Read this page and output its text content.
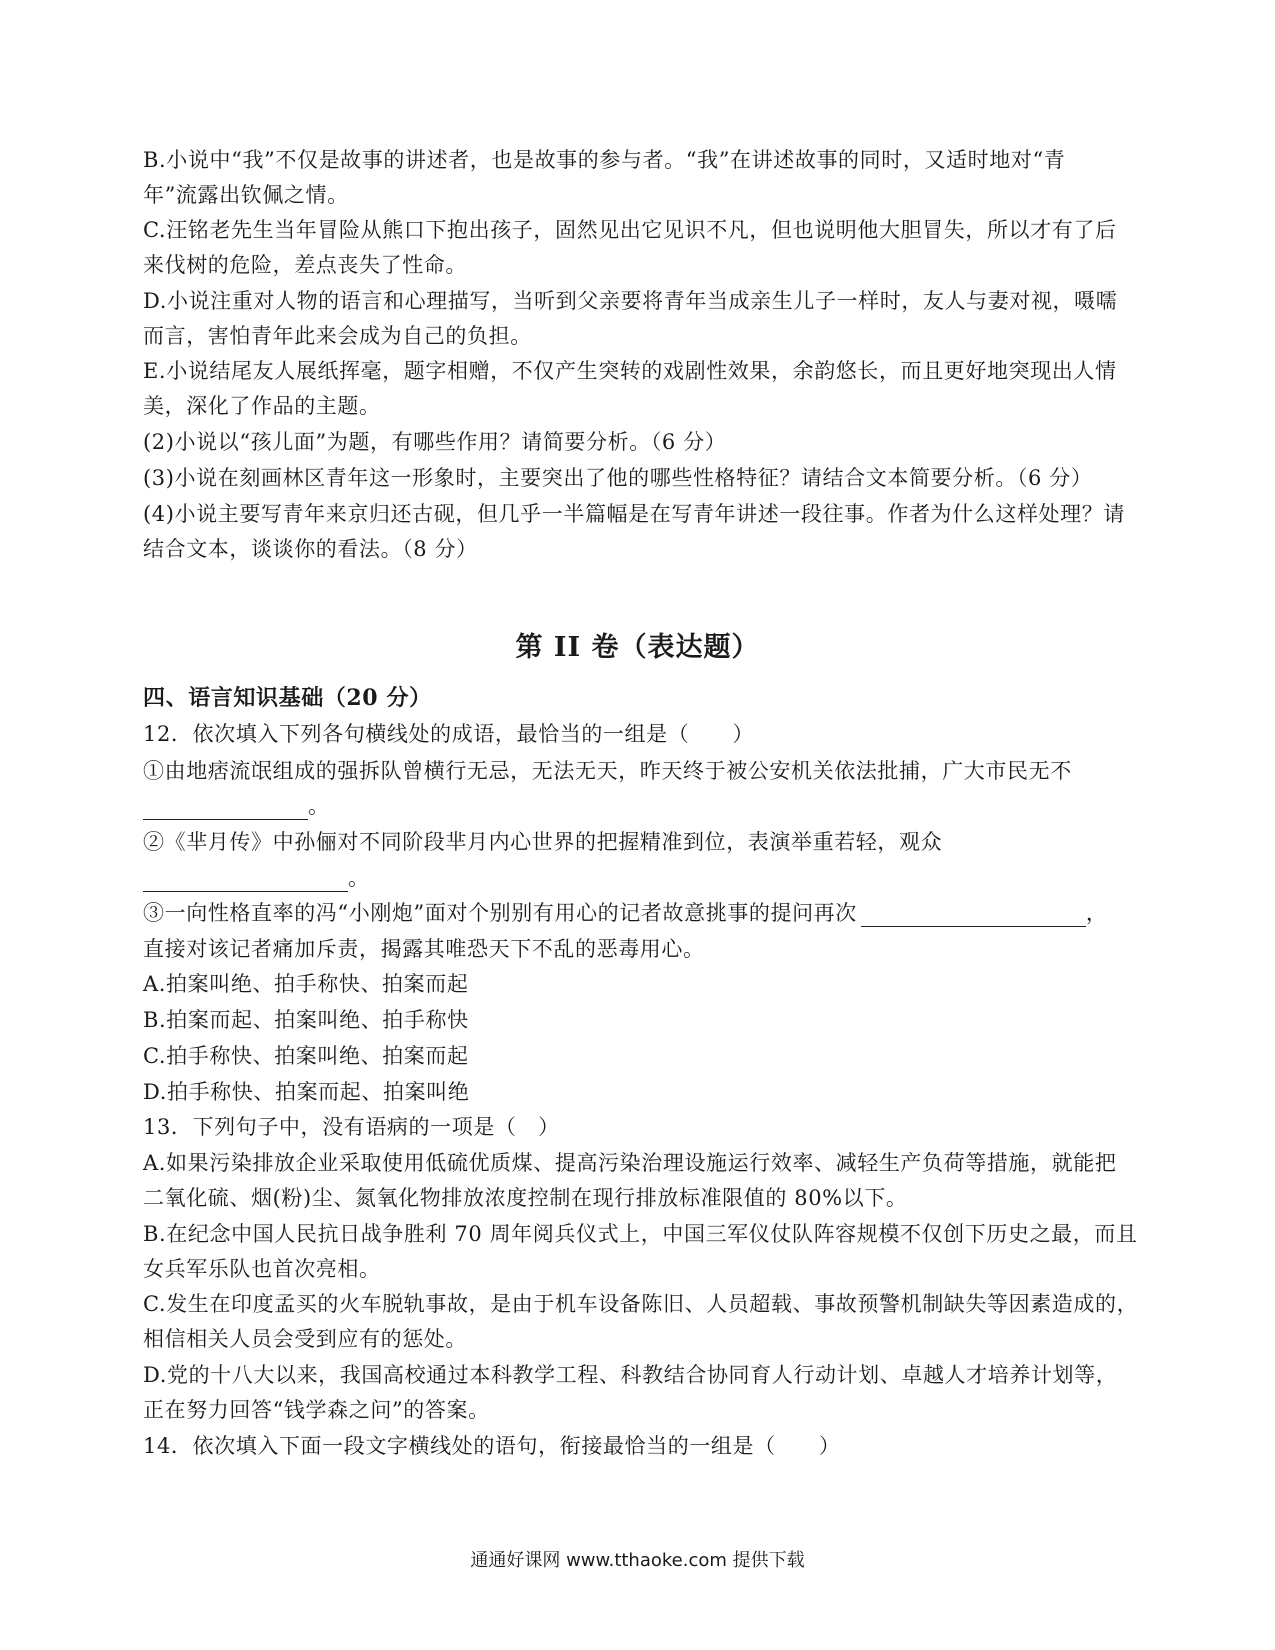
B.小说中“我”不仅是故事的讲述者，也是故事的参与者。“我”在讲述故事的同时，又适时地对“青
年”流露出钦佩之情。
C.汪铭老先生当年冒险从熊口下抱出孩子，固然见出它见识不凡，但也说明他大胆冒失，所以才有了后
来伐树的危险，差点丧失了性命。
D.小说注重对人物的语言和心理描写，当听到父亲要将青年当成亲生儿子一样时，友人与妻对视，嗫嚅
而言，害怕青年此来会成为自己的负担。
E.小说结尾友人展纸挥毫，题字相赠，不仅产生突转的戏剧性效果，余韵悠长，而且更好地突现出人情
美，深化了作品的主题。
(2)小说以“孩儿面”为题，有哪些作用？请简要分析。（6 分）
(3)小说在刻画林区青年这一形象时，主要突出了他的哪些性格特征？请结合文本简要分析。（6 分）
(4)小说主要写青年来京归还古砚，但几乎一半篇幅是在写青年讲述一段往事。作者为什么这样处理？请
结合文本，谈谈你的看法。（8 分）
第 II 卷（表达题）
四、语言知识基础（20 分）
12．依次填入下列各句横线处的成语，最恰当的一组是（　　）
①由地痞流氓组成的强拆队曾横行无忌，无法无天，昨天终于被公安机关依法批捕，广大市民无不
。
②《芈月传》中孙俪对不同阶段芈月内心世界的把握精准到位，表演举重若轻，观众
。
③一向性格直率的冯“小刚炮”面对个别别有用心的记者故意挑事的提问再次	，
直接对该记者痛加斥责，揭露其唯恐天下不乱的恶毒用心。
A.拍案叫绝、拍手称快、拍案而起
B.拍案而起、拍案叫绝、拍手称快
C.拍手称快、拍案叫绝、拍案而起
D.拍手称快、拍案而起、拍案叫绝
13．下列句子中，没有语病的一项是（　）
A.如果污染排放企业采取使用低硫优质煤、提高污染治理设施运行效率、减轻生产负荷等措施，就能把
二氧化硫、烟(粉)尘、氮氧化物排放浓度控制在现行排放标准限值的 80%以下。
B.在纪念中国人民抗日战争胜利 70 周年阅兵仪式上，中国三军仪仗队阵容规模不仅创下历史之最，而且
女兵军乐队也首次亮相。
C.发生在印度孟买的火车脱轨事故，是由于机车设备陈旧、人员超载、事故预警机制缺失等因素造成的，
相信相关人员会受到应有的惩处。
D.党的十八大以来，我国高校通过本科教学工程、科教结合协同育人行动计划、卓越人才培养计划等，
正在努力回答“钱学森之问”的答案。
14．依次填入下面一段文字横线处的语句，衔接最恰当的一组是（　　）
通通好课网 www.tthaoke.com 提供下载
